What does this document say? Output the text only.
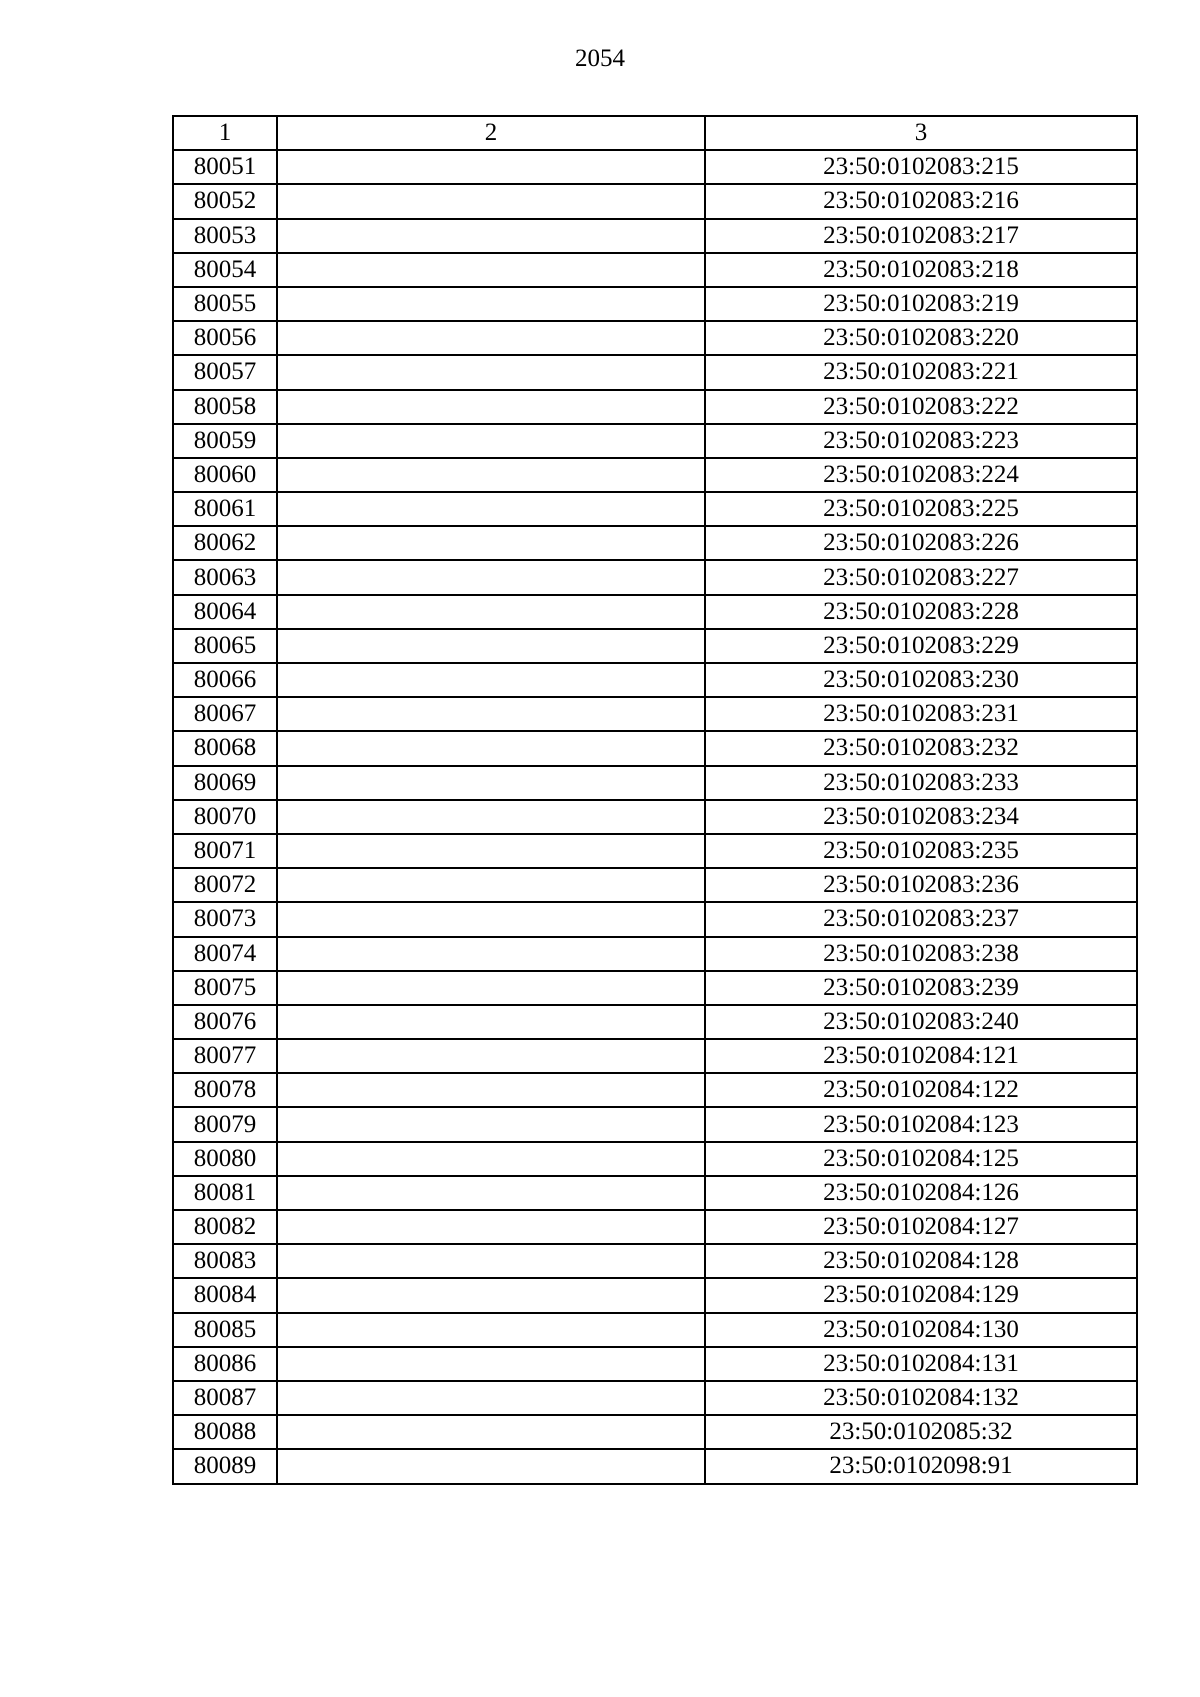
2054
1	2	3
80051		23:50:0102083:215
80052		23:50:0102083:216
80053		23:50:0102083:217
80054		23:50:0102083:218
80055		23:50:0102083:219
80056		23:50:0102083:220
80057		23:50:0102083:221
80058		23:50:0102083:222
80059		23:50:0102083:223
80060		23:50:0102083:224
80061		23:50:0102083:225
80062		23:50:0102083:226
80063		23:50:0102083:227
80064		23:50:0102083:228
80065		23:50:0102083:229
80066		23:50:0102083:230
80067		23:50:0102083:231
80068		23:50:0102083:232
80069		23:50:0102083:233
80070		23:50:0102083:234
80071		23:50:0102083:235
80072		23:50:0102083:236
80073		23:50:0102083:237
80074		23:50:0102083:238
80075		23:50:0102083:239
80076		23:50:0102083:240
80077		23:50:0102084:121
80078		23:50:0102084:122
80079		23:50:0102084:123
80080		23:50:0102084:125
80081		23:50:0102084:126
80082		23:50:0102084:127
80083		23:50:0102084:128
80084		23:50:0102084:129
80085		23:50:0102084:130
80086		23:50:0102084:131
80087		23:50:0102084:132
80088		23:50:0102085:32
80089		23:50:0102098:91
